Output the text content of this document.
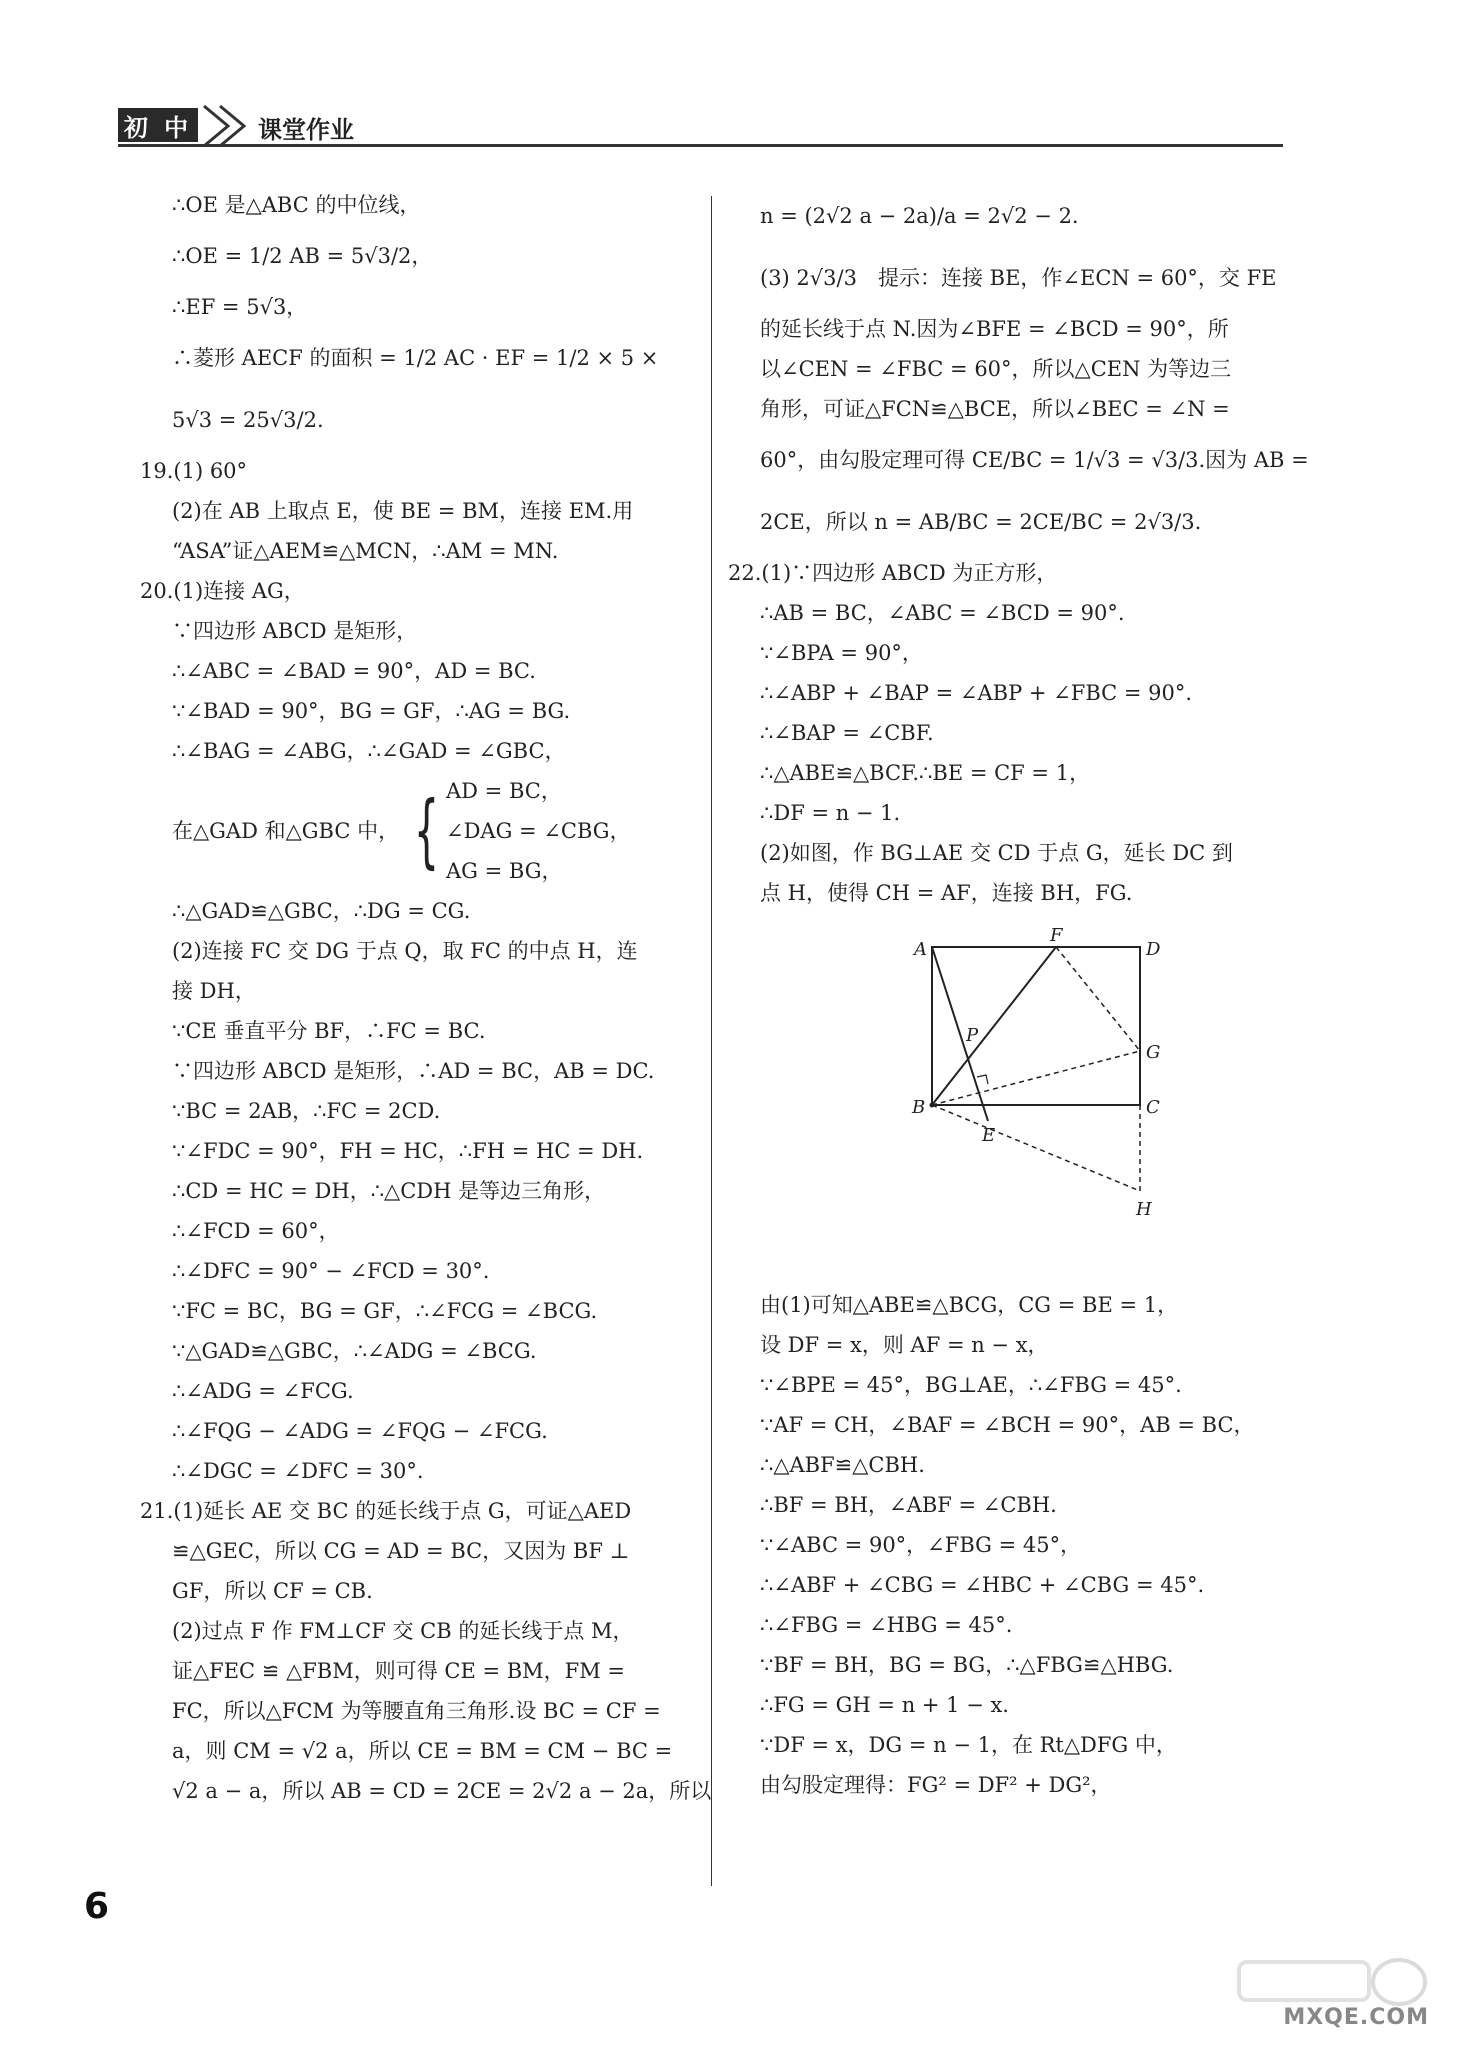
初 中	课堂作业
∴OE 是△ABC 的中位线，
∴OE = 1/2 AB = 5√3/2，
∴EF = 5√3，
∴菱形 AECF 的面积 = 1/2 AC · EF = 1/2 × 5 ×
5√3 = 25√3/2.
19.(1) 60°
(2)在 AB 上取点 E，使 BE = BM，连接 EM.用
“ASA”证△AEM≌△MCN，∴AM = MN.
20.(1)连接 AG，
∵四边形 ABCD 是矩形，
∴∠ABC = ∠BAD = 90°，AD = BC.
∵∠BAD = 90°，BG = GF，∴AG = BG.
∴∠BAG = ∠ABG，∴∠GAD = ∠GBC，
在△GAD 和△GBC 中， { AD = BC，
∠DAG = ∠CBG，
AG = BG，
∴△GAD≌△GBC，∴DG = CG.
(2)连接 FC 交 DG 于点 Q，取 FC 的中点 H，连
接 DH，
∵CE 垂直平分 BF，∴FC = BC.
∵四边形 ABCD 是矩形，∴AD = BC，AB = DC.
∵BC = 2AB，∴FC = 2CD.
∵∠FDC = 90°，FH = HC，∴FH = HC = DH.
∴CD = HC = DH，∴△CDH 是等边三角形，
∴∠FCD = 60°，
∴∠DFC = 90° − ∠FCD = 30°.
∵FC = BC，BG = GF，∴∠FCG = ∠BCG.
∵△GAD≌△GBC，∴∠ADG = ∠BCG.
∴∠ADG = ∠FCG.
∴∠FQG − ∠ADG = ∠FQG − ∠FCG.
∴∠DGC = ∠DFC = 30°.
21.(1)延长 AE 交 BC 的延长线于点 G，可证△AED
≌△GEC，所以 CG = AD = BC，又因为 BF ⊥
GF，所以 CF = CB.
(2)过点 F 作 FM⊥CF 交 CB 的延长线于点 M，
证△FEC ≌ △FBM，则可得 CE = BM，FM =
FC，所以△FCM 为等腰直角三角形.设 BC = CF =
a，则 CM = √2 a，所以 CE = BM = CM − BC =
√2 a − a，所以 AB = CD = 2CE = 2√2 a − 2a，所以
n = (2√2 a − 2a)/a = 2√2 − 2.
(3) 2√3/3　提示：连接 BE，作∠ECN = 60°，交 FE
的延长线于点 N.因为∠BFE = ∠BCD = 90°，所
以∠CEN = ∠FBC = 60°，所以△CEN 为等边三
角形，可证△FCN≌△BCE，所以∠BEC = ∠N =
60°，由勾股定理可得 CE/BC = 1/√3 = √3/3.因为 AB =
2CE，所以 n = AB/BC = 2CE/BC = 2√3/3.
22.(1)∵四边形 ABCD 为正方形，
∴AB = BC，∠ABC = ∠BCD = 90°.
∵∠BPA = 90°，
∴∠ABP + ∠BAP = ∠ABP + ∠FBC = 90°.
∴∠BAP = ∠CBF.
∴△ABE≌△BCF.∴BE = CF = 1，
∴DF = n − 1.
(2)如图，作 BG⊥AE 交 CD 于点 G，延长 DC 到
点 H，使得 CH = AF，连接 BH，FG.
A
F
D
P
G
B	C
E
H
由(1)可知△ABE≌△BCG，CG = BE = 1，
设 DF = x，则 AF = n − x，
∵∠BPE = 45°，BG⊥AE，∴∠FBG = 45°.
∵AF = CH，∠BAF = ∠BCH = 90°，AB = BC，
∴△ABF≌△CBH.
∴BF = BH，∠ABF = ∠CBH.
∵∠ABC = 90°，∠FBG = 45°，
∴∠ABF + ∠CBG = ∠HBC + ∠CBG = 45°.
∴∠FBG = ∠HBG = 45°.
∵BF = BH，BG = BG，∴△FBG≌△HBG.
∴FG = GH = n + 1 − x.
∵DF = x，DG = n − 1，在 Rt△DFG 中，
由勾股定理得：FG² = DF² + DG²，
6
MXQE.COM
